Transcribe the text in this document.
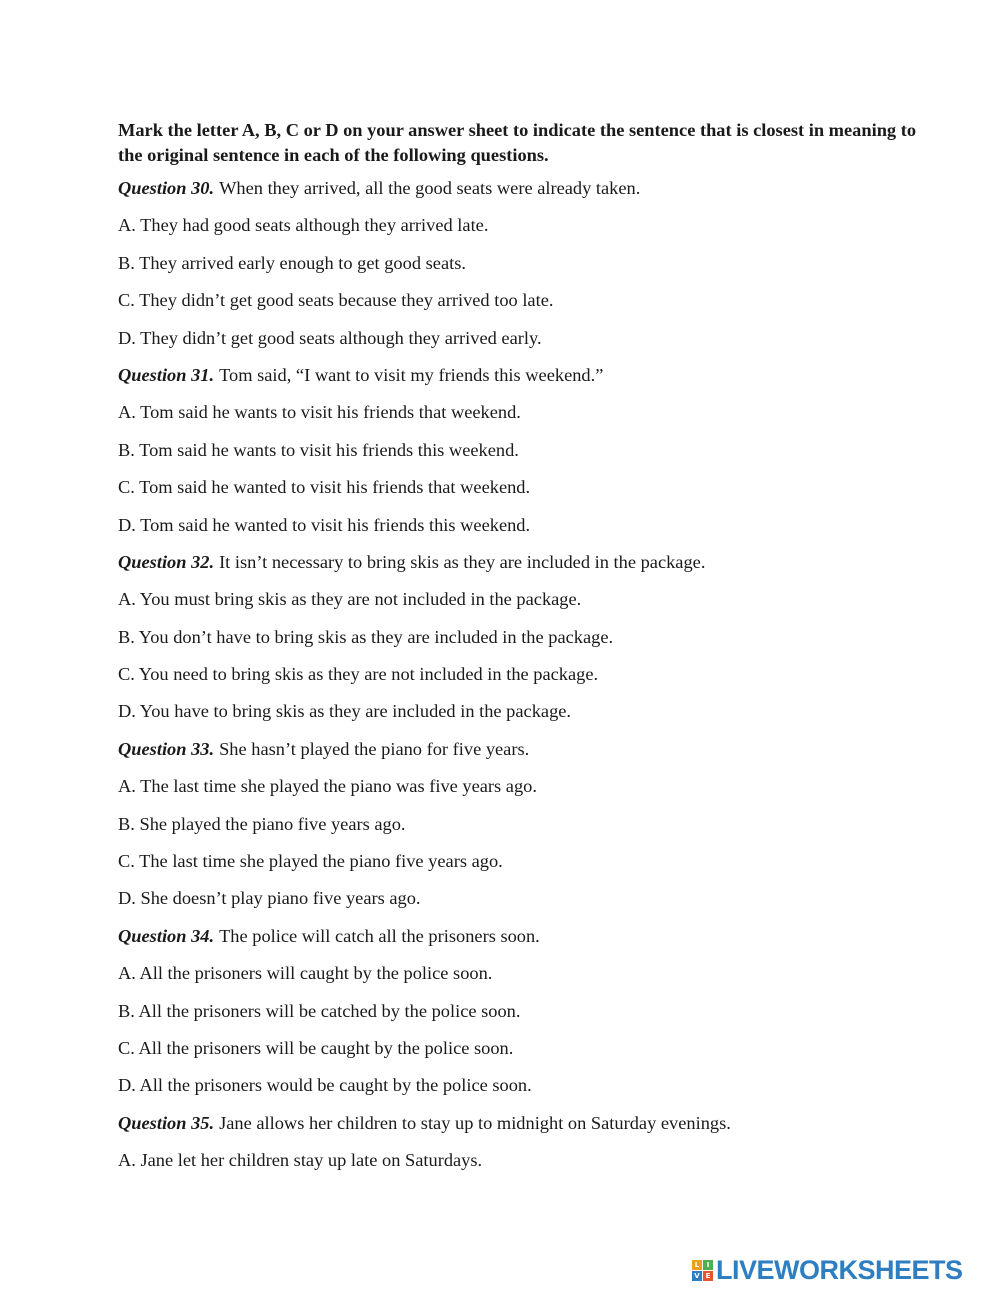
Mark the letter A, B, C or D on your answer sheet to indicate the sentence that is closest in meaning to the original sentence in each of the following questions.

Question 30. When they arrived, all the good seats were already taken.
A. They had good seats although they arrived late.
B. They arrived early enough to get good seats.
C. They didn’t get good seats because they arrived too late.
D. They didn’t get good seats although they arrived early.
Question 31. Tom said, “I want to visit my friends this weekend.”
A. Tom said he wants to visit his friends that weekend.
B. Tom said he wants to visit his friends this weekend.
C. Tom said he wanted to visit his friends that weekend.
D. Tom said he wanted to visit his friends this weekend.
Question 32. It isn’t necessary to bring skis as they are included in the package.
A. You must bring skis as they are not included in the package.
B. You don’t have to bring skis as they are included in the package.
C. You need to bring skis as they are not included in the package.
D. You have to bring skis as they are included in the package.
Question 33. She hasn’t played the piano for five years.
A. The last time she played the piano was five years ago.
B. She played the piano five years ago.
C. The last time she played the piano five years ago.
D. She doesn’t play piano five years ago.
Question 34. The police will catch all the prisoners soon.
A. All the prisoners will caught by the police soon.
B. All the prisoners will be catched by the police soon.
C. All the prisoners will be caught by the police soon.
D. All the prisoners would be caught by the police soon.
Question 35. Jane allows her children to stay up to midnight on Saturday evenings.
A. Jane let her children stay up late on Saturdays.
L	I
V E LIVEWORKSHEETS
